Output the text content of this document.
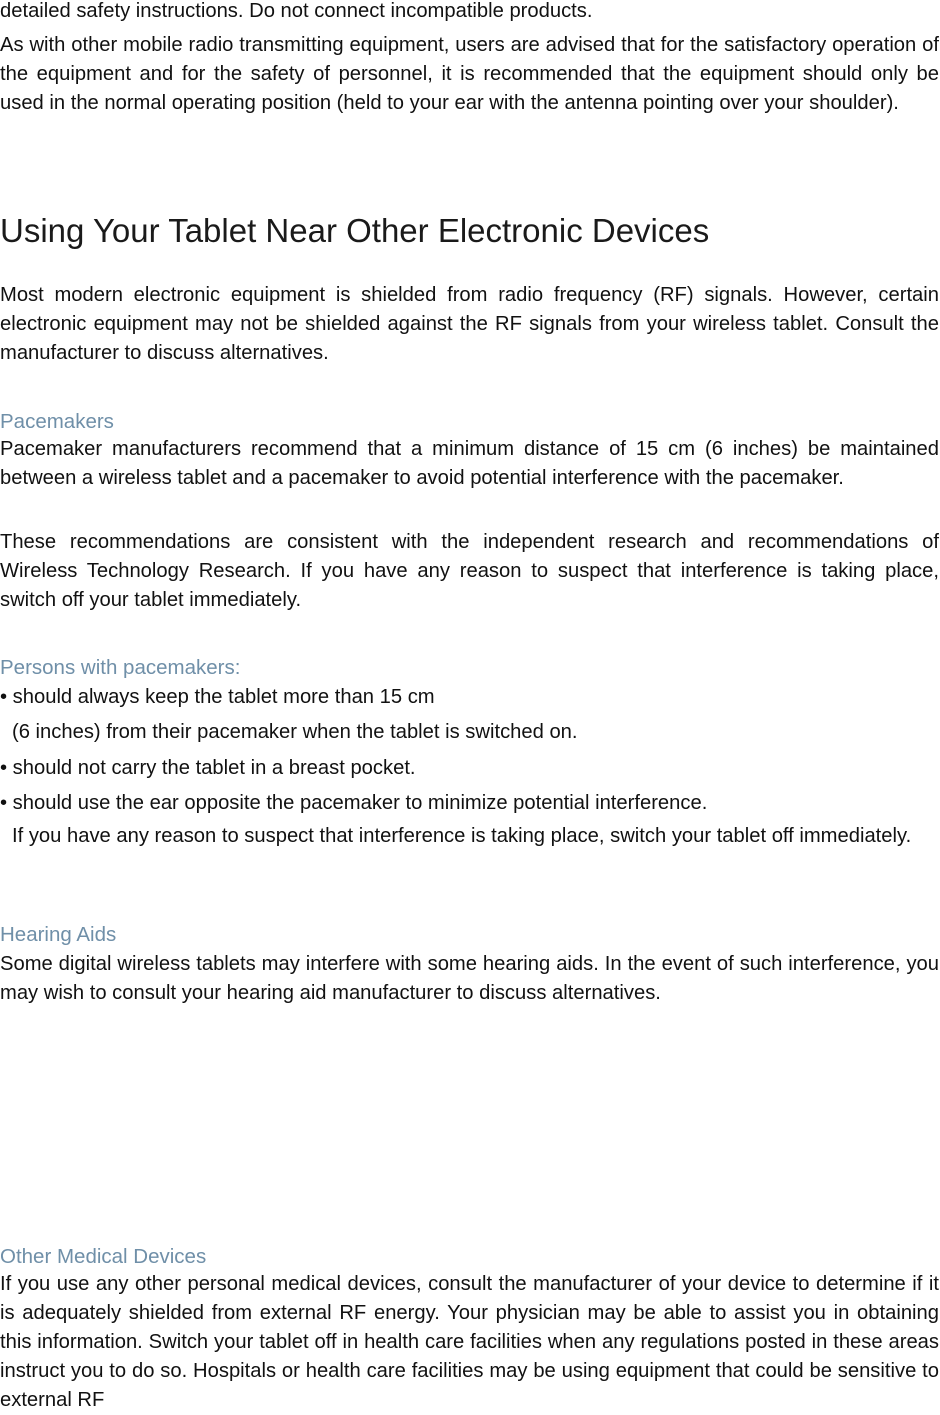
detailed safety instructions. Do not connect incompatible products.

As with other mobile radio transmitting equipment, users are advised that for the satisfactory operation of the equipment and for the safety of personnel, it is recommended that the equipment should only be used in the normal operating position (held to your ear with the antenna pointing over your shoulder).

Using Your Tablet Near Other Electronic Devices

Most modern electronic equipment is shielded from radio frequency (RF) signals. However, certain electronic equipment may not be shielded against the RF signals from your wireless tablet. Consult the manufacturer to discuss alternatives.

Pacemakers

Pacemaker manufacturers recommend that a minimum distance of 15 cm (6 inches) be maintained between a wireless tablet and a pacemaker to avoid potential interference with the pacemaker.

These recommendations are consistent with the independent research and recommendations of Wireless Technology Research. If you have any reason to suspect that interference is taking place, switch off your tablet immediately.

Persons with pacemakers:

• should always keep the tablet more than 15 cm

(6 inches) from their pacemaker when the tablet is switched on.

• should not carry the tablet in a breast pocket.

• should use the ear opposite the pacemaker to minimize potential interference.

If you have any reason to suspect that interference is taking place, switch your tablet off immediately.

Hearing Aids

Some digital wireless tablets may interfere with some hearing aids. In the event of such interference, you may wish to consult your hearing aid manufacturer to discuss alternatives.

Other Medical Devices

If you use any other personal medical devices, consult the manufacturer of your device to determine if it is adequately shielded from external RF energy. Your physician may be able to assist you in obtaining this information. Switch your tablet off in health care facilities when any regulations posted in these areas instruct you to do so. Hospitals or health care facilities may be using equipment that could be sensitive to external RF
